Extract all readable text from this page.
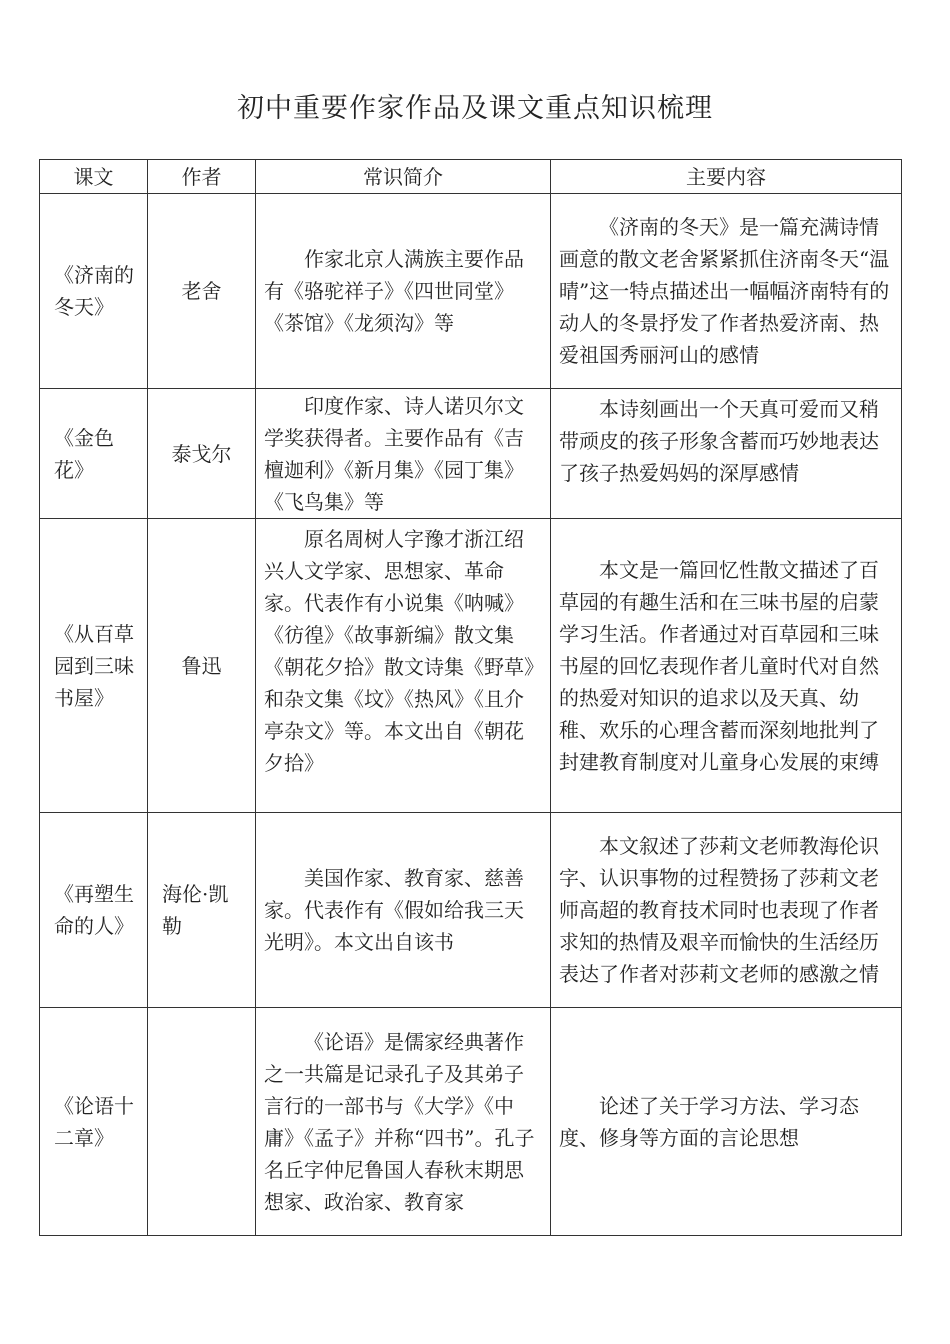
初中重要作家作品及课文重点知识梳理
课文	作者	常识简介	主要内容
《济南的冬天》	老舍	作家北京人满族主要作品有《骆驼祥子》《四世同堂》《茶馆》《龙须沟》等	《济南的冬天》是一篇充满诗情画意的散文老舍紧紧抓住济南冬天“温晴”这一特点描述出一幅幅济南特有的动人的冬景抒发了作者热爱济南、热爱祖国秀丽河山的感情
《金色花》	泰戈尔	印度作家、诗人诺贝尔文学奖获得者。主要作品有《吉檀迦利》《新月集》《园丁集》《飞鸟集》等	本诗刻画出一个天真可爱而又稍带顽皮的孩子形象含蓄而巧妙地表达了孩子热爱妈妈的深厚感情
《从百草园到三味书屋》	鲁迅	原名周树人字豫才浙江绍兴人文学家、思想家、革命家。代表作有小说集《呐喊》《彷徨》《故事新编》散文集《朝花夕拾》散文诗集《野草》和杂文集《坟》《热风》《且介亭杂文》等。本文出自《朝花夕拾》	本文是一篇回忆性散文描述了百草园的有趣生活和在三味书屋的启蒙学习生活。作者通过对百草园和三味书屋的回忆表现作者儿童时代对自然的热爱对知识的追求以及天真、幼稚、欢乐的心理含蓄而深刻地批判了封建教育制度对儿童身心发展的束缚
《再塑生命的人》	海伦·凯勒	美国作家、教育家、慈善家。代表作有《假如给我三天光明》。本文出自该书	本文叙述了莎莉文老师教海伦识字、认识事物的过程赞扬了莎莉文老师高超的教育技术同时也表现了作者求知的热情及艰辛而愉快的生活经历表达了作者对莎莉文老师的感激之情
《论语十二章》		《论语》是儒家经典著作之一共篇是记录孔子及其弟子言行的一部书与《大学》《中庸》《孟子》并称“四书”。孔子名丘字仲尼鲁国人春秋末期思想家、政治家、教育家	论述了关于学习方法、学习态度、修身等方面的言论思想
